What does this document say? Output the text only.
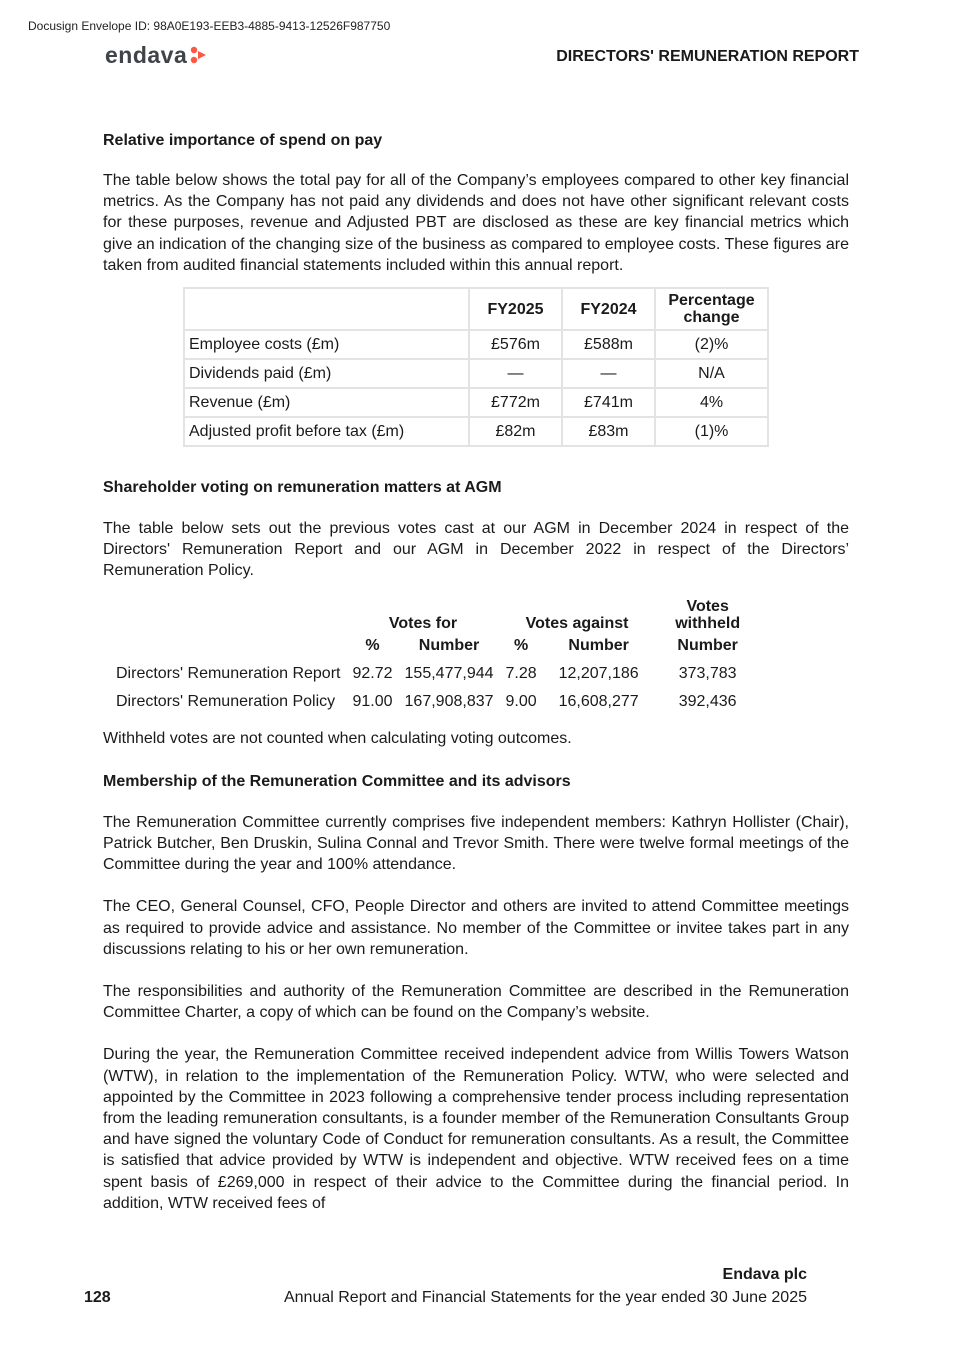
Docusign Envelope ID: 98A0E193-EEB3-4885-9413-12526F987750
endava	DIRECTORS' REMUNERATION REPORT

Relative importance of spend on pay

The table below shows the total pay for all of the Company’s employees compared to other key financial metrics. As the Company has not paid any dividends and does not have other significant relevant costs for these purposes, revenue and Adjusted PBT are disclosed as these are key financial metrics which give an indication of the changing size of the business as compared to employee costs. These figures are taken from audited financial statements included within this annual report.

	FY2025	FY2024	Percentage change
Employee costs (£m)	£576m	£588m	(2)%
Dividends paid (£m)	—	—	N/A
Revenue (£m)	£772m	£741m	4%
Adjusted profit before tax (£m)	£82m	£83m	(1)%

Shareholder voting on remuneration matters at AGM

The table below sets out the previous votes cast at our AGM in December 2024 in respect of the Directors' Remuneration Report and our AGM in December 2022 in respect of the Directors’ Remuneration Policy.

	Votes for		Votes against		Votes withheld
	%	Number	%	Number	Number
Directors' Remuneration Report	92.72	155,477,944	7.28	12,207,186	373,783
Directors' Remuneration Policy	91.00	167,908,837	9.00	16,608,277	392,436

Withheld votes are not counted when calculating voting outcomes.

Membership of the Remuneration Committee and its advisors

The Remuneration Committee currently comprises five independent members: Kathryn Hollister (Chair), Patrick Butcher, Ben Druskin, Sulina Connal and Trevor Smith. There were twelve formal meetings of the Committee during the year and 100% attendance.

The CEO, General Counsel, CFO, People Director and others are invited to attend Committee meetings as required to provide advice and assistance. No member of the Committee or invitee takes part in any discussions relating to his or her own remuneration.

The responsibilities and authority of the Remuneration Committee are described in the Remuneration Committee Charter, a copy of which can be found on the Company’s website.

During the year, the Remuneration Committee received independent advice from Willis Towers Watson (WTW), in relation to the implementation of the Remuneration Policy. WTW, who were selected and appointed by the Committee in 2023 following a comprehensive tender process including representation from the leading remuneration consultants, is a founder member of the Remuneration Consultants Group and have signed the voluntary Code of Conduct for remuneration consultants. As a result, the Committee is satisfied that advice provided by WTW is independent and objective. WTW received fees on a time spent basis of £269,000 in respect of their advice to the Committee during the financial period. In addition, WTW received fees of

Endava plc
128	Annual Report and Financial Statements for the year ended 30 June 2025
